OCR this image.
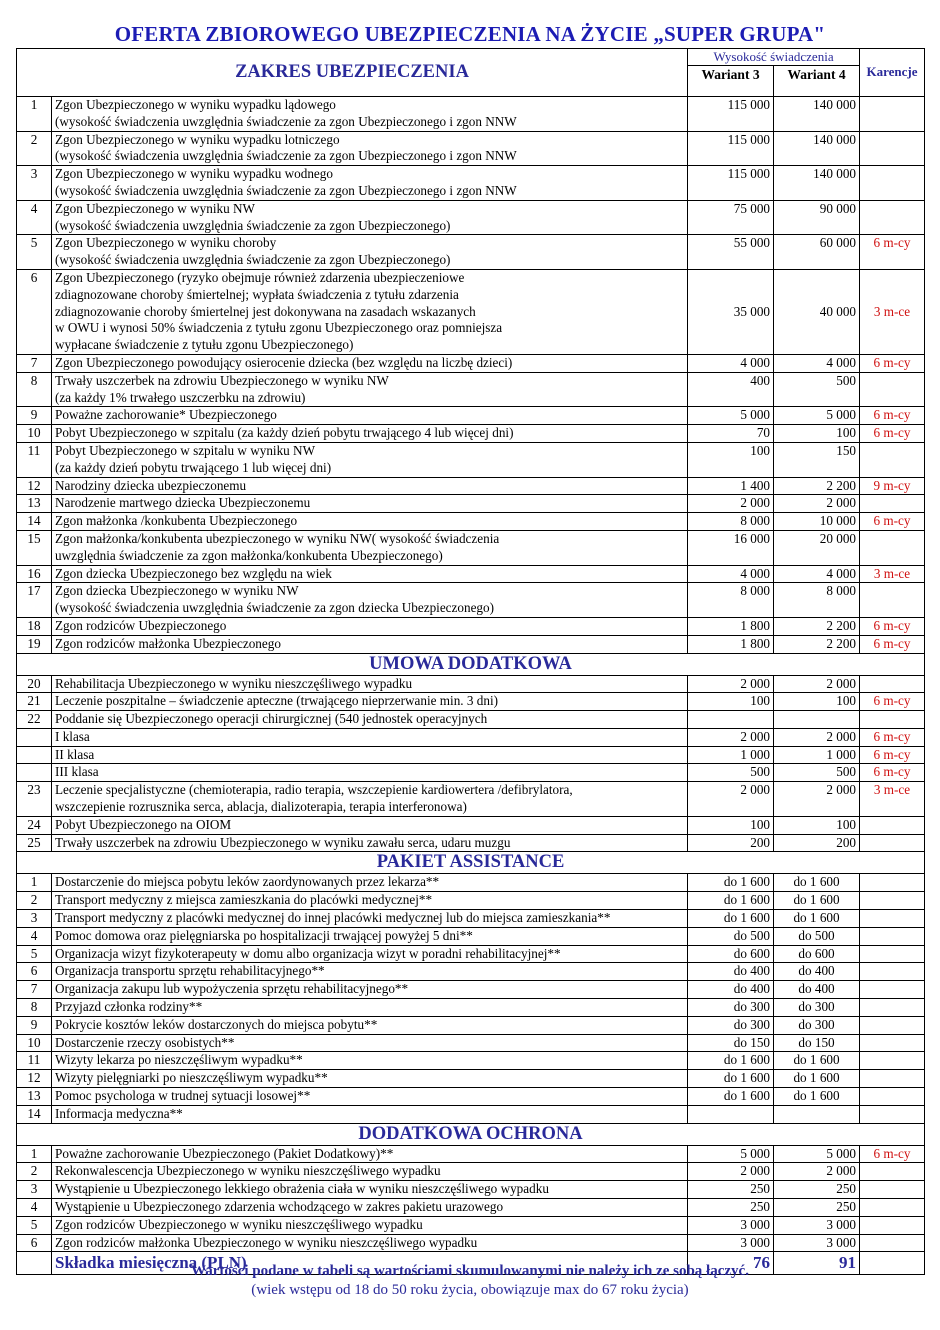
OFERTA ZBIOROWEGO UBEZPIECZENIA NA ŻYCIE „SUPER GRUPA"
ZAKRES UBEZPIECZENIA		Wysokość świadczenia		Karencje
		Wariant 3	Wariant 4	
1	Zgon Ubezpieczonego w wyniku wypadku lądowego
(wysokość świadczenia uwzględnia świadczenie za zgon Ubezpieczonego i zgon NNW	115 000	140 000	
2	Zgon Ubezpieczonego w wyniku wypadku lotniczego
(wysokość świadczenia uwzględnia świadczenie za zgon Ubezpieczonego i zgon NNW	115 000	140 000	
3	Zgon Ubezpieczonego w wyniku wypadku wodnego
(wysokość świadczenia uwzględnia świadczenie za zgon Ubezpieczonego i zgon NNW	115 000	140 000	
4	Zgon Ubezpieczonego w wyniku NW
(wysokość świadczenia uwzględnia świadczenie za zgon Ubezpieczonego)	75 000	90 000	
5	Zgon Ubezpieczonego w wyniku choroby
(wysokość świadczenia uwzględnia świadczenie za zgon Ubezpieczonego)	55 000	60 000	6 m-cy
6	Zgon Ubezpieczonego (ryzyko obejmuje również zdarzenia ubezpieczeniowe
zdiagnozowane choroby śmiertelnej; wypłata świadczenia z tytułu zdarzenia
zdiagnozowanie choroby śmiertelnej jest dokonywana na zasadach wskazanych
w OWU i wynosi 50% świadczenia z tytułu zgonu Ubezpieczonego oraz pomniejsza
wypłacane świadczenie z tytułu zgonu Ubezpieczonego)	35 000	40 000	3 m-ce
7	Zgon Ubezpieczonego powodujący osierocenie dziecka (bez względu na liczbę dzieci)	4 000	4 000	6 m-cy
8	Trwały uszczerbek na zdrowiu Ubezpieczonego w wyniku NW
(za każdy 1% trwałego uszczerbku na zdrowiu)	400	500	
9	Poważne zachorowanie* Ubezpieczonego	5 000	5 000	6 m-cy
10	Pobyt Ubezpieczonego w szpitalu (za każdy dzień pobytu trwającego 4 lub więcej dni)	70	100	6 m-cy
11	Pobyt Ubezpieczonego w szpitalu w wyniku NW
(za każdy dzień pobytu trwającego 1 lub więcej dni)	100	150	
12	Narodziny dziecka ubezpieczonemu	1 400	2 200	9 m-cy
13	Narodzenie martwego dziecka Ubezpieczonemu	2 000	2 000	
14	Zgon małżonka /konkubenta Ubezpieczonego	8 000	10 000	6 m-cy
15	Zgon małżonka/konkubenta ubezpieczonego w wyniku NW( wysokość świadczenia
uwzględnia świadczenie za zgon małżonka/konkubenta Ubezpieczonego)	16 000	20 000	
16	Zgon dziecka Ubezpieczonego bez względu na wiek	4 000	4 000	3 m-ce
17	Zgon dziecka Ubezpieczonego w wyniku NW
(wysokość świadczenia uwzględnia świadczenie za zgon dziecka Ubezpieczonego)	8 000	8 000	
18	Zgon rodziców Ubezpieczonego	1 800	2 200	6 m-cy
19	Zgon rodziców małżonka Ubezpieczonego	1 800	2 200	6 m-cy
UMOWA DODATKOWA				
20	Rehabilitacja Ubezpieczonego w wyniku nieszczęśliwego wypadku	2 000	2 000	
21	Leczenie poszpitalne – świadczenie apteczne (trwającego nieprzerwanie min. 3 dni)	100	100	6 m-cy
22	Poddanie się Ubezpieczonego operacji chirurgicznej (540 jednostek operacyjnych			

	I klasa	2 000	2 000	6 m-cy

	II klasa	1 000	1 000	6 m-cy

	III klasa	500	500	6 m-cy
23	Leczenie specjalistyczne (chemioterapia, radio terapia, wszczepienie kardiowertera /defibrylatora,
wszczepienie rozrusznika serca, ablacja, dializoterapia, terapia interferonowa)	2 000	2 000	3 m-ce
24	Pobyt Ubezpieczonego na OIOM	100	100	
25	Trwały uszczerbek na zdrowiu Ubezpieczonego w wyniku zawału serca, udaru muzgu	200	200	
PAKIET ASSISTANCE				
1	Dostarczenie do miejsca pobytu leków zaordynowanych przez lekarza**	do 1 600	do 1 600	
2	Transport medyczny z miejsca zamieszkania do placówki medycznej**	do 1 600	do 1 600	
3	Transport medyczny z placówki medycznej do innej placówki medycznej lub do miejsca zamieszkania**	do 1 600	do 1 600	
4	Pomoc domowa oraz pielęgniarska po hospitalizacji trwającej powyżej 5 dni**	do 500	do 500	
5	Organizacja wizyt fizykoterapeuty w domu albo organizacja wizyt w poradni rehabilitacyjnej**	do 600	do 600	
6	Organizacja transportu sprzętu rehabilitacyjnego**	do 400	do 400	
7	Organizacja zakupu lub wypożyczenia sprzętu rehabilitacyjnego**	do 400	do 400	
8	Przyjazd członka rodziny**	do 300	do 300	
9	Pokrycie kosztów leków dostarczonych do miejsca pobytu**	do 300	do 300	
10	Dostarczenie rzeczy osobistych**	do 150	do 150	
11	Wizyty lekarza po nieszczęśliwym wypadku**	do 1 600	do 1 600	
12	Wizyty pielęgniarki po nieszczęśliwym wypadku**	do 1 600	do 1 600	
13	Pomoc psychologa w trudnej sytuacji losowej**	do 1 600	do 1 600	
14	Informacja medyczna**			

DODATKOWA OCHRONA				
1	Poważne zachorowanie Ubezpieczonego (Pakiet Dodatkowy)**	5 000	5 000	6 m-cy
2	Rekonwalescencja Ubezpieczonego w wyniku nieszczęśliwego wypadku	2 000	2 000	
3	Wystąpienie u Ubezpieczonego lekkiego obrażenia ciała w wyniku nieszczęśliwego wypadku	250	250	
4	Wystąpienie u Ubezpieczonego zdarzenia wchodzącego w zakres pakietu urazowego	250	250	
5	Zgon rodziców Ubezpieczonego w wyniku nieszczęśliwego wypadku	3 000	3 000	
6	Zgon rodziców małżonka Ubezpieczonego w wyniku nieszczęśliwego wypadku	3 000	3 000	
	Składka miesięczna (PLN)	76	91	
Wartości podane w tabeli są wartościami skumulowanymi nie należy ich ze sobą łączyć.
(wiek wstępu od 18 do 50 roku życia, obowiązuje max do 67 roku życia)
